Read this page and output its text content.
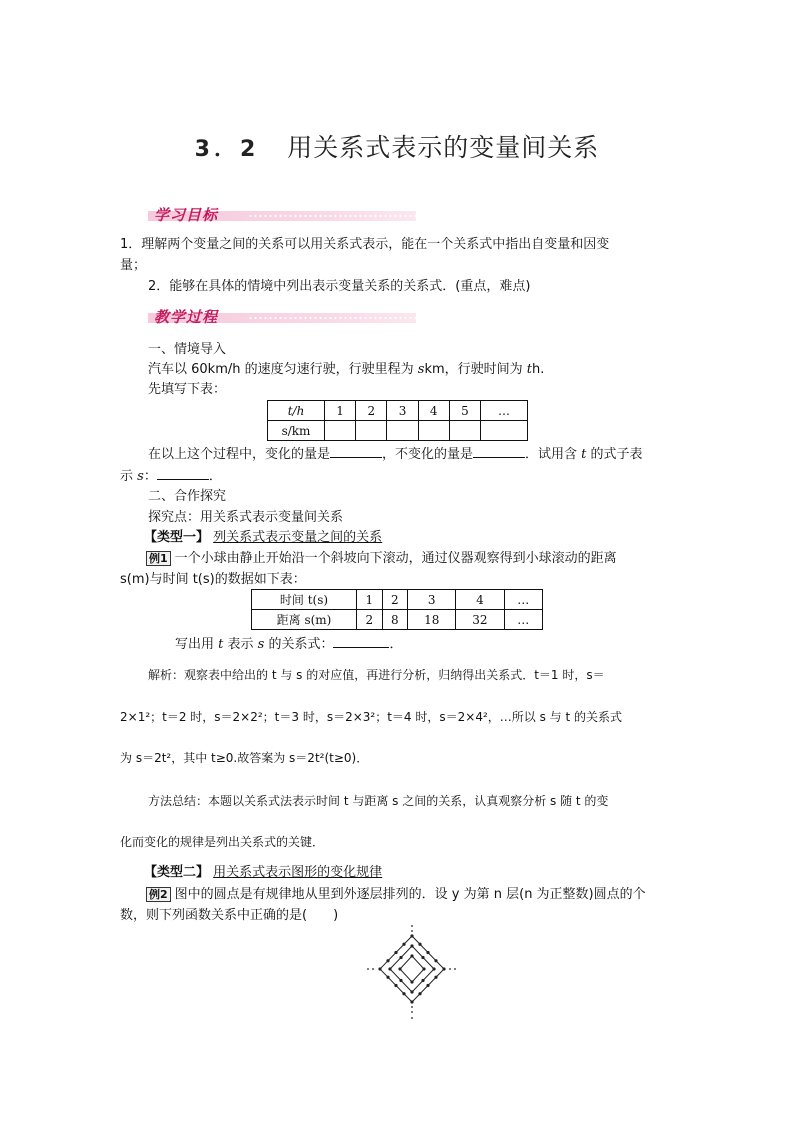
3．2 用关系式表示的变量间关系
学习目标
1．理解两个变量之间的关系可以用关系式表示，能在一个关系式中指出自变量和因变
量；
2．能够在具体的情境中列出表示变量关系的关系式．(重点，难点)
教学过程
一、情境导入
汽车以 60km/h 的速度匀速行驶，行驶里程为 skm，行驶时间为 th.
先填写下表：
t/h	1	2	3	4	5	…
s/km						
在以上这个过程中，变化的量是	，不变化的量是	．试用含 t 的式子表
示 s：	．
二、合作探究
探究点：用关系式表示变量间关系
【类型一】 列关系式表示变量之间的关系
例1 一个小球由静止开始沿一个斜坡向下滚动，通过仪器观察得到小球滚动的距离
s(m)与时间 t(s)的数据如下表：
时间 t(s)	1	2	3	4	…
距离 s(m)	2	8	18	32	…
写出用 t 表示 s 的关系式：	．
解析：观察表中给出的 t 与 s 的对应值，再进行分析，归纳得出关系式．t＝1 时，s＝
2×1²；t＝2 时，s＝2×2²；t＝3 时，s＝2×3²；t＝4 时，s＝2×4²，…所以 s 与 t 的关系式
为 s＝2t²，其中 t≥0.故答案为 s＝2t²(t≥0)．
方法总结：本题以关系式法表示时间 t 与距离 s 之间的关系，认真观察分析 s 随 t 的变
化而变化的规律是列出关系式的关键．
【类型二】 用关系式表示图形的变化规律
例2 图中的圆点是有规律地从里到外逐层排列的．设 y 为第 n 层(n 为正整数)圆点的个
数，则下列函数关系中正确的是(　　)
